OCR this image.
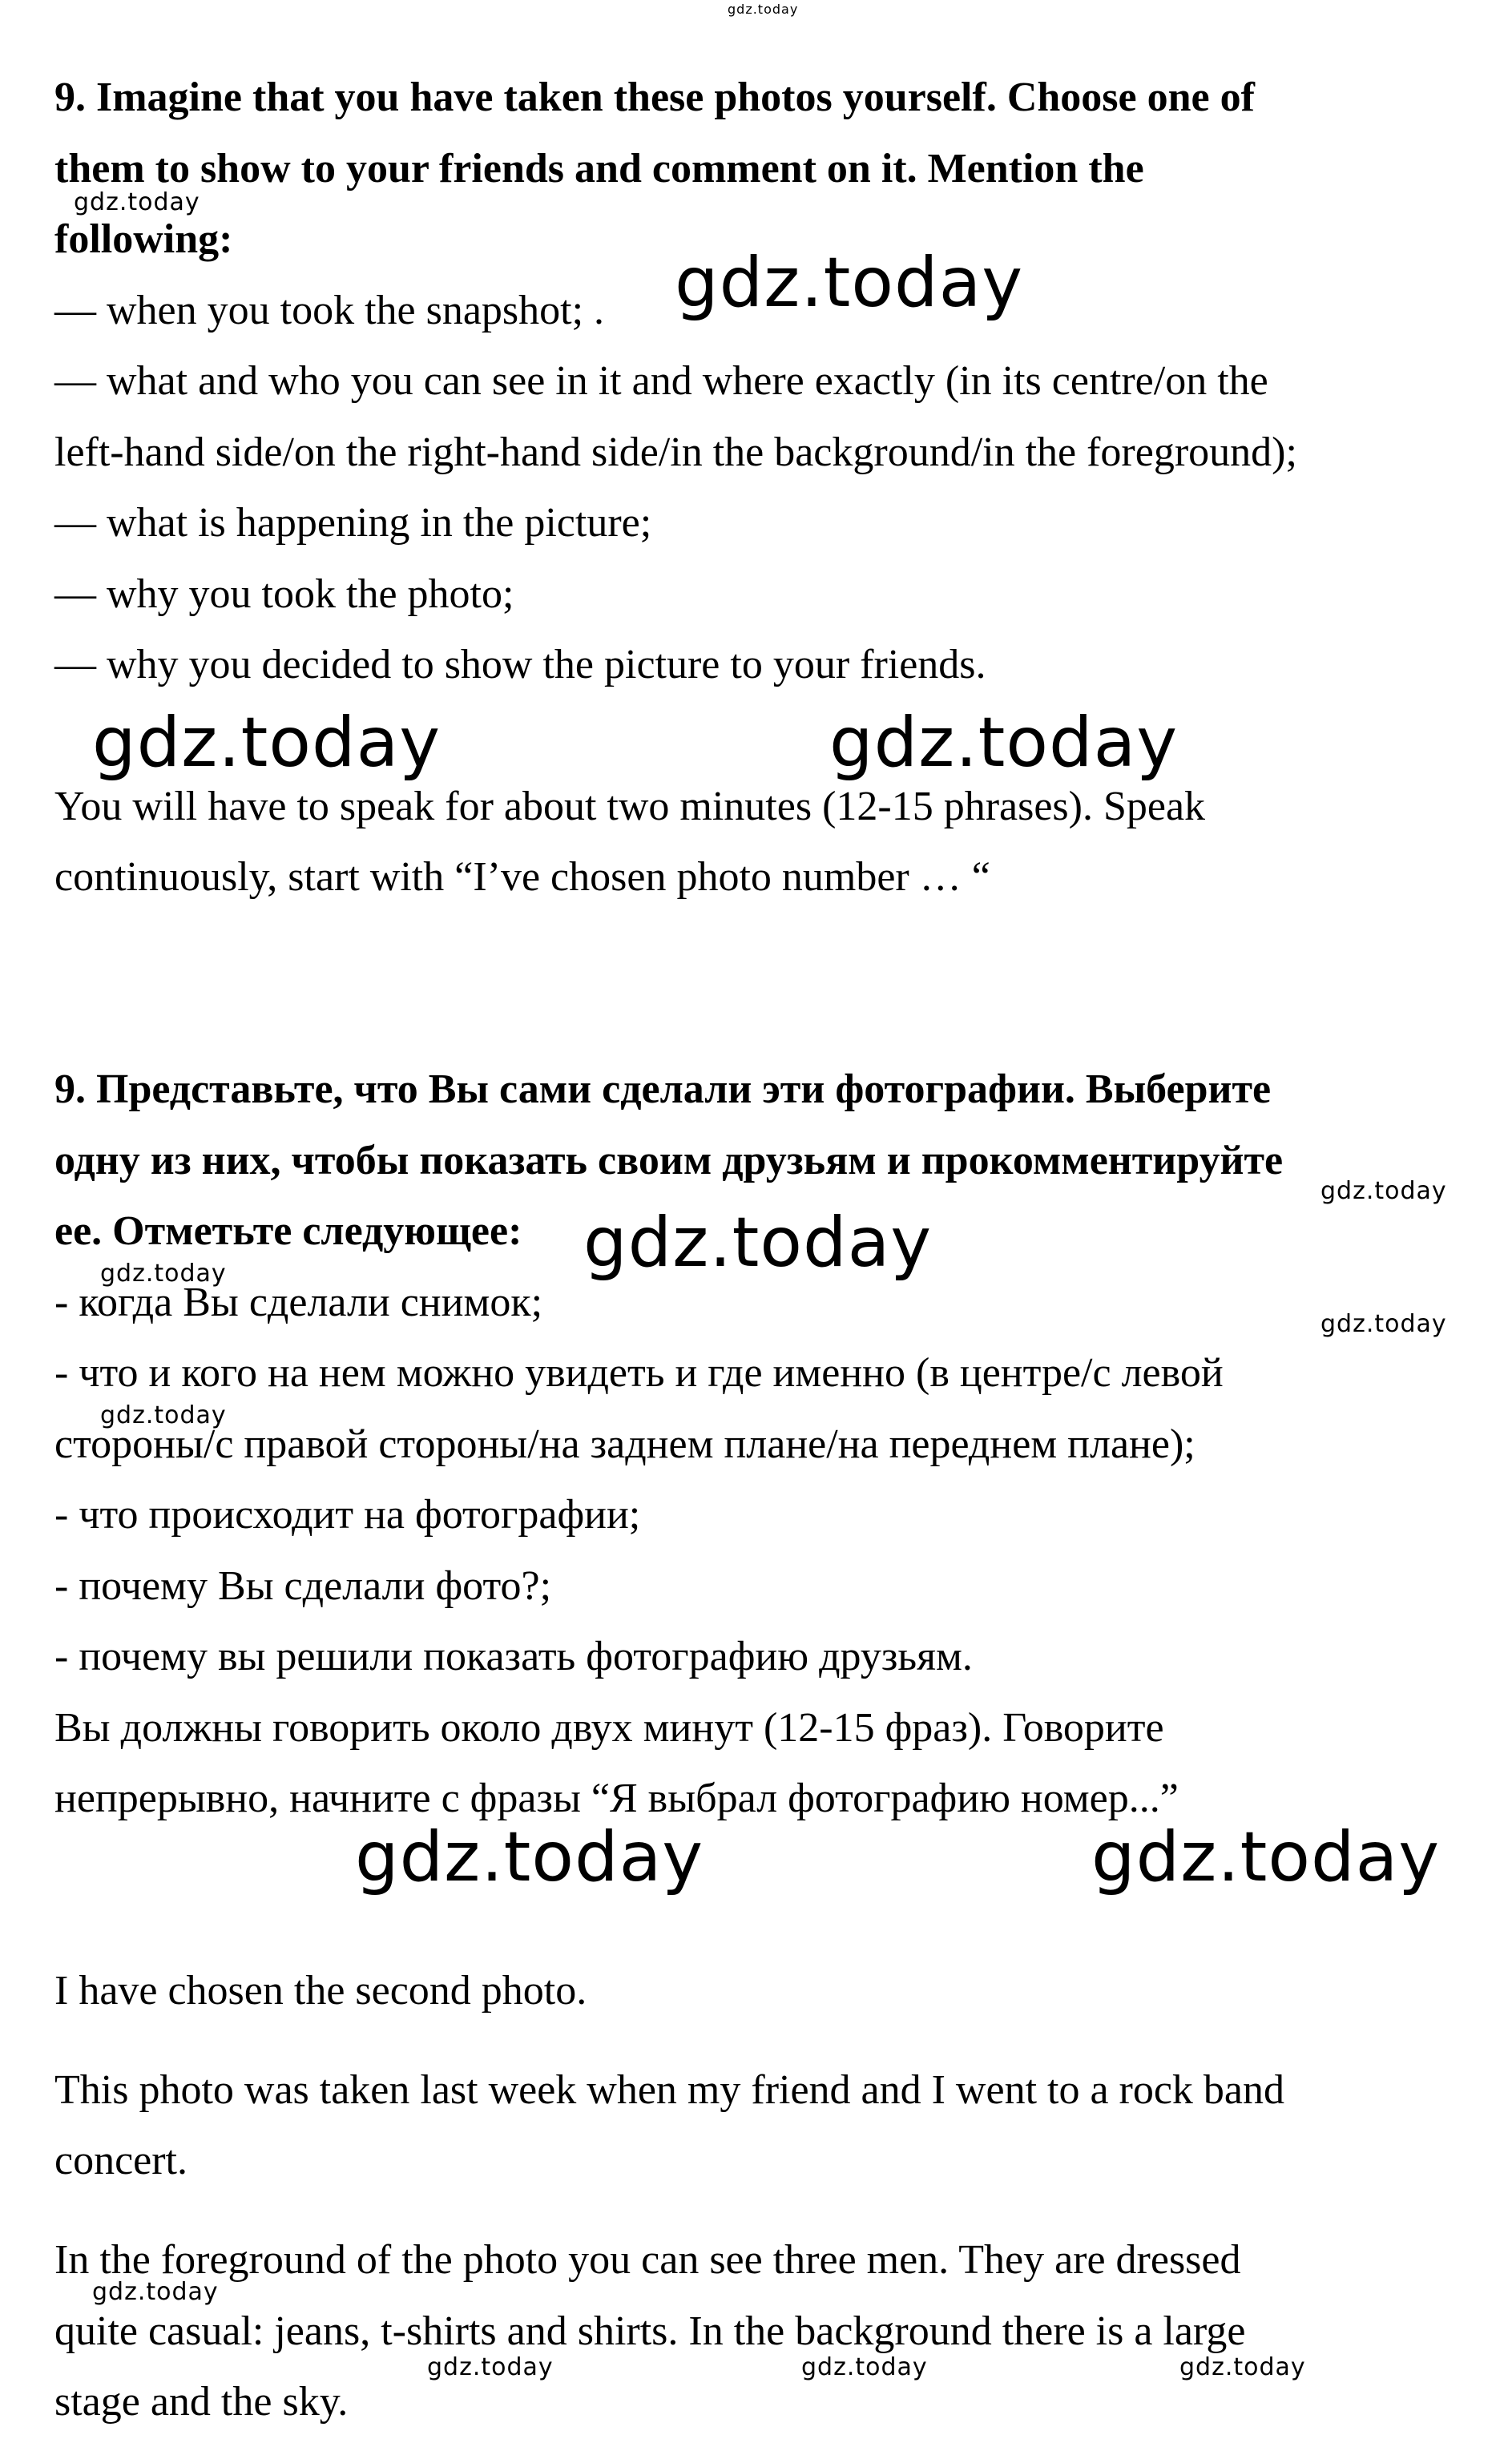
9. Imagine that you have taken these photos yourself. Choose one of

them to show to your friends and comment on it. Mention the

following:

— when you took the snapshot; .

— what and who you can see in it and where exactly (in its centre/on the

left-hand side/on the right-hand side/in the background/in the foreground);

— what is happening in the picture;

— why you took the photo;

— why you decided to show the picture to your friends.

You will have to speak for about two minutes (12-15 phrases). Speak

continuously, start with “I’ve chosen photo number … “

9. Представьте, что Вы сами сделали эти фотографии. Выберите

одну из них, чтобы показать своим друзьям и прокомментируйте

ее. Отметьте следующее:

- когда Вы сделали снимок;

- что и кого на нем можно увидеть и где именно (в центре/с левой

стороны/с правой стороны/на заднем плане/на переднем плане);

- что происходит на фотографии;

- почему Вы сделали фото?;

- почему вы решили показать фотографию друзьям.

Вы должны говорить около двух минут (12-15 фраз). Говорите

непрерывно, начните с фразы “Я выбрал фотографию номер...”

I have chosen the second photo.

This photo was taken last week when my friend and I went to a rock band

concert.

In the foreground of the photo you can see three men. They are dressed

quite casual: jeans, t-shirts and shirts. In the background there is a large

stage and the sky.

gdz.today

gdz.today

gdz.today

gdz.today	gdz.today

gdz.today

gdz.today

gdz.today

gdz.today

gdz.today

gdz.today	gdz.today

gdz.today

gdz.today	gdz.today	gdz.today
